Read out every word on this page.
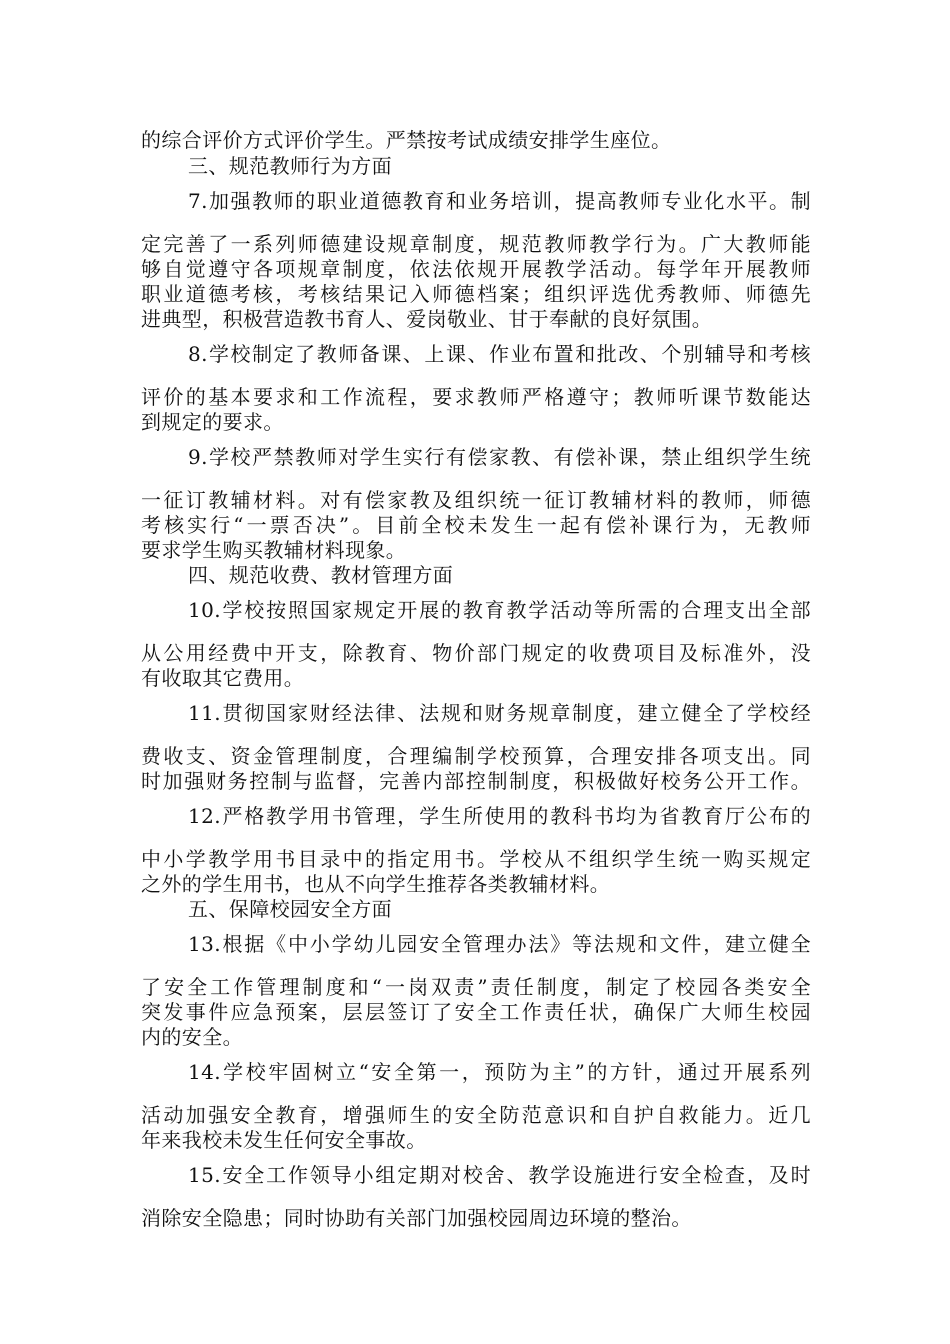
的综合评价方式评价学生。严禁按考试成绩安排学生座位。
三、规范教师行为方面
7.加强教师的职业道德教育和业务培训，提高教师专业化水平。制
定完善了一系列师德建设规章制度，规范教师教学行为。广大教师能
够自觉遵守各项规章制度，依法依规开展教学活动。每学年开展教师
职业道德考核，考核结果记入师德档案；组织评选优秀教师、师德先
进典型，积极营造教书育人、爱岗敬业、甘于奉献的良好氛围。
8.学校制定了教师备课、上课、作业布置和批改、个别辅导和考核
评价的基本要求和工作流程，要求教师严格遵守；教师听课节数能达
到规定的要求。
9.学校严禁教师对学生实行有偿家教、有偿补课，禁止组织学生统
一征订教辅材料。对有偿家教及组织统一征订教辅材料的教师，师德
考核实行“一票否决”。目前全校未发生一起有偿补课行为，无教师
要求学生购买教辅材料现象。
四、规范收费、教材管理方面
10.学校按照国家规定开展的教育教学活动等所需的合理支出全部
从公用经费中开支，除教育、物价部门规定的收费项目及标准外，没
有收取其它费用。
11.贯彻国家财经法律、法规和财务规章制度，建立健全了学校经
费收支、资金管理制度，合理编制学校预算，合理安排各项支出。同
时加强财务控制与监督，完善内部控制制度，积极做好校务公开工作。
12.严格教学用书管理，学生所使用的教科书均为省教育厅公布的
中小学教学用书目录中的指定用书。学校从不组织学生统一购买规定
之外的学生用书，也从不向学生推荐各类教辅材料。
五、保障校园安全方面
13.根据《中小学幼儿园安全管理办法》等法规和文件，建立健全
了安全工作管理制度和“一岗双责”责任制度，制定了校园各类安全
突发事件应急预案，层层签订了安全工作责任状，确保广大师生校园
内的安全。
14.学校牢固树立“安全第一，预防为主”的方针，通过开展系列
活动加强安全教育，增强师生的安全防范意识和自护自救能力。近几
年来我校未发生任何安全事故。
15.安全工作领导小组定期对校舍、教学设施进行安全检查，及时
消除安全隐患；同时协助有关部门加强校园周边环境的整治。
